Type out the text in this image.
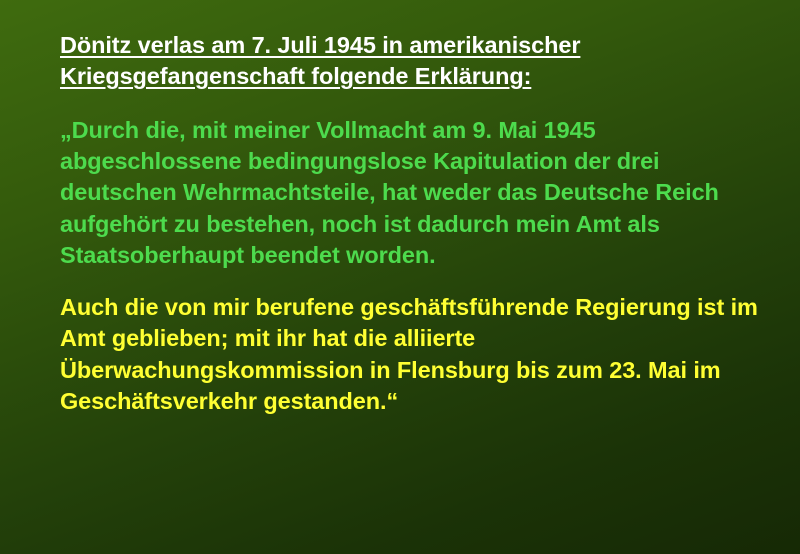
Dönitz verlas am 7. Juli 1945 in amerikanischer Kriegsgefangenschaft folgende Erklärung:

„Durch die, mit meiner Vollmacht am 9. Mai 1945 abgeschlossene bedingungslose Kapitulation der drei deutschen Wehrmachtsteile, hat weder das Deutsche Reich aufgehört zu bestehen, noch ist dadurch mein Amt als Staatsoberhaupt beendet worden.

Auch die von mir berufene geschäftsführende Regierung ist im Amt geblieben; mit ihr hat die alliierte Überwachungskommission in Flensburg bis zum 23. Mai im Geschäftsverkehr gestanden.“
